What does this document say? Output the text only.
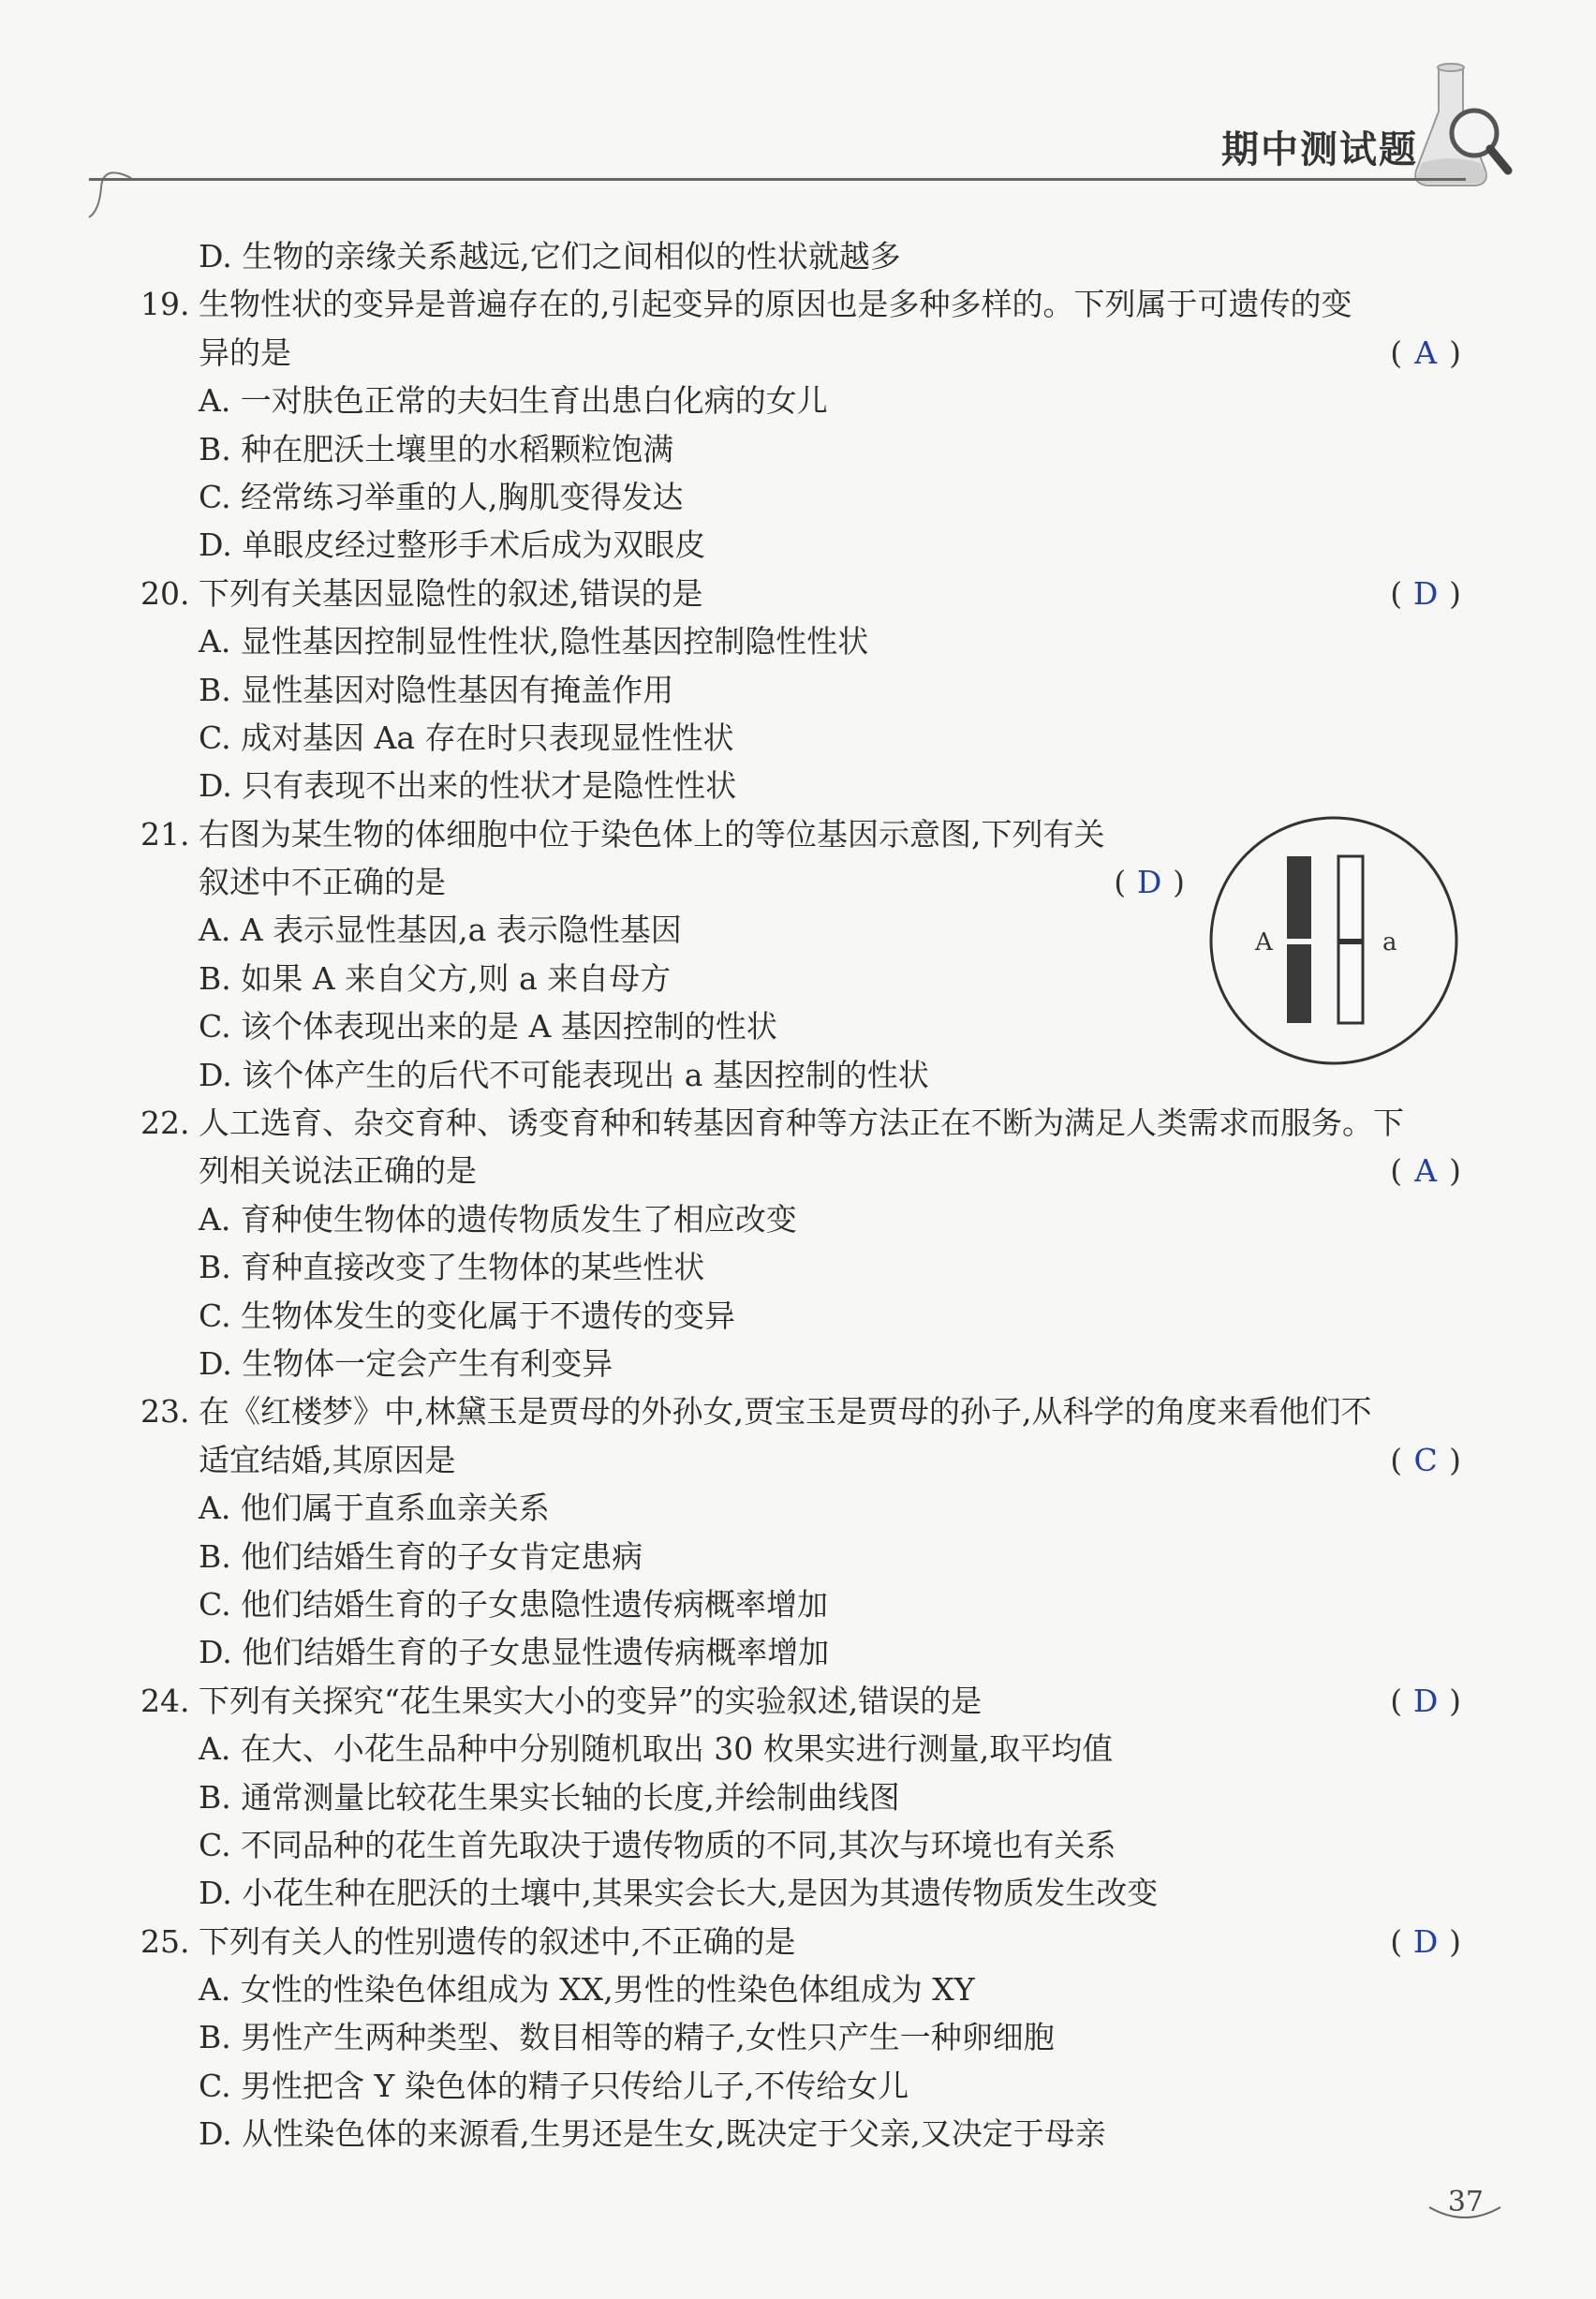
期中测试题
D. 生物的亲缘关系越远,它们之间相似的性状就越多
19. 生物性状的变异是普遍存在的,引起变异的原因也是多种多样的。下列属于可遗传的变
异的是	( A )
A. 一对肤色正常的夫妇生育出患白化病的女儿
B. 种在肥沃土壤里的水稻颗粒饱满
C. 经常练习举重的人,胸肌变得发达
D. 单眼皮经过整形手术后成为双眼皮
20. 下列有关基因显隐性的叙述,错误的是	( D )
A. 显性基因控制显性性状,隐性基因控制隐性性状
B. 显性基因对隐性基因有掩盖作用
C. 成对基因 Aa 存在时只表现显性性状
D. 只有表现不出来的性状才是隐性性状
21. 右图为某生物的体细胞中位于染色体上的等位基因示意图,下列有关
叙述中不正确的是	( D )
A. A 表示显性基因,a 表示隐性基因
B. 如果 A 来自父方,则 a 来自母方
C. 该个体表现出来的是 A 基因控制的性状
D. 该个体产生的后代不可能表现出 a 基因控制的性状
22. 人工选育、杂交育种、诱变育种和转基因育种等方法正在不断为满足人类需求而服务。下
列相关说法正确的是	( A )
A. 育种使生物体的遗传物质发生了相应改变
B. 育种直接改变了生物体的某些性状
C. 生物体发生的变化属于不遗传的变异
D. 生物体一定会产生有利变异
23. 在《红楼梦》中,林黛玉是贾母的外孙女,贾宝玉是贾母的孙子,从科学的角度来看他们不
适宜结婚,其原因是	( C )
A. 他们属于直系血亲关系
B. 他们结婚生育的子女肯定患病
C. 他们结婚生育的子女患隐性遗传病概率增加
D. 他们结婚生育的子女患显性遗传病概率增加
24. 下列有关探究“花生果实大小的变异”的实验叙述,错误的是	( D )
A. 在大、小花生品种中分别随机取出 30 枚果实进行测量,取平均值
B. 通常测量比较花生果实长轴的长度,并绘制曲线图
C. 不同品种的花生首先取决于遗传物质的不同,其次与环境也有关系
D. 小花生种在肥沃的土壤中,其果实会长大,是因为其遗传物质发生改变
25. 下列有关人的性别遗传的叙述中,不正确的是	( D )
A. 女性的性染色体组成为 XX,男性的性染色体组成为 XY
B. 男性产生两种类型、数目相等的精子,女性只产生一种卵细胞
C. 男性把含 Y 染色体的精子只传给儿子,不传给女儿
D. 从性染色体的来源看,生男还是生女,既决定于父亲,又决定于母亲
A	a
37
